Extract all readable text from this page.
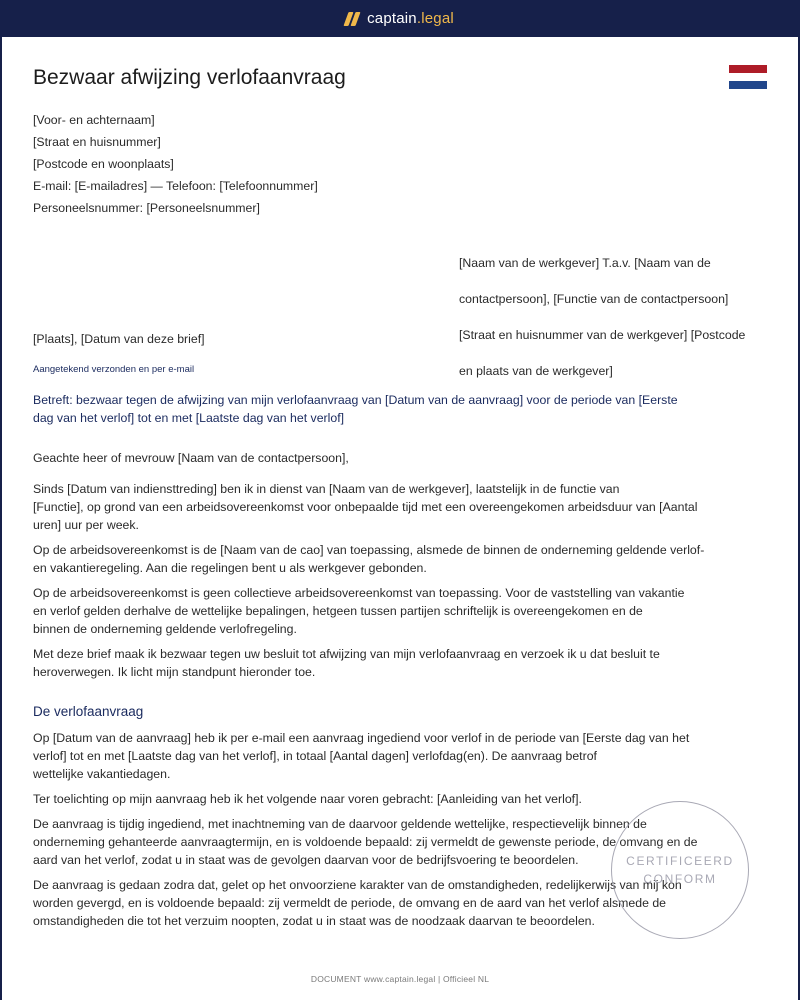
captain.legal
Bezwaar afwijzing verlofaanvraag
[Voor- en achternaam]
[Straat en huisnummer]
[Postcode en woonplaats]
E-mail: [E-mailadres] — Telefoon: [Telefoonnummer]
Personeelsnummer: [Personeelsnummer]

[Naam van de werkgever] T.a.v. [Naam van de

contactpersoon], [Functie van de contactpersoon]

[Straat en huisnummer van de werkgever] [Postcode

en plaats van de werkgever]

[Plaats], [Datum van deze brief]
Aangetekend verzonden en per e-mail
Betreft: bezwaar tegen de afwijzing van mijn verlofaanvraag van [Datum van de aanvraag] voor de periode van [Eerste
dag van het verlof] tot en met [Laatste dag van het verlof]
Geachte heer of mevrouw [Naam van de contactpersoon],
Sinds [Datum van indiensttreding] ben ik in dienst van [Naam van de werkgever], laatstelijk in de functie van
[Functie], op grond van een arbeidsovereenkomst voor onbepaalde tijd met een overeengekomen arbeidsduur van [Aantal
uren] uur per week.
Op de arbeidsovereenkomst is de [Naam van de cao] van toepassing, alsmede de binnen de onderneming geldende verlof-
en vakantieregeling. Aan die regelingen bent u als werkgever gebonden.
Op de arbeidsovereenkomst is geen collectieve arbeidsovereenkomst van toepassing. Voor de vaststelling van vakantie
en verlof gelden derhalve de wettelijke bepalingen, hetgeen tussen partijen schriftelijk is overeengekomen en de
binnen de onderneming geldende verlofregeling.
Met deze brief maak ik bezwaar tegen uw besluit tot afwijzing van mijn verlofaanvraag en verzoek ik u dat besluit te
heroverwegen. Ik licht mijn standpunt hieronder toe.
De verlofaanvraag
Op [Datum van de aanvraag] heb ik per e-mail een aanvraag ingediend voor verlof in de periode van [Eerste dag van het
verlof] tot en met [Laatste dag van het verlof], in totaal [Aantal dagen] verlofdag(en). De aanvraag betrof
wettelijke vakantiedagen.
Ter toelichting op mijn aanvraag heb ik het volgende naar voren gebracht: [Aanleiding van het verlof].
De aanvraag is tijdig ingediend, met inachtneming van de daarvoor geldende wettelijke, respectievelijk binnen de
onderneming gehanteerde aanvraagtermijn, en is voldoende bepaald: zij vermeldt de gewenste periode, de omvang en de
aard van het verlof, zodat u in staat was de gevolgen daarvan voor de bedrijfsvoering te beoordelen.
De aanvraag is gedaan zodra dat, gelet op het onvoorziene karakter van de omstandigheden, redelijkerwijs van mij kon
worden gevergd, en is voldoende bepaald: zij vermeldt de periode, de omvang en de aard van het verlof alsmede de
omstandigheden die tot het verzuim noopten, zodat u in staat was de noodzaak daarvan te beoordelen.
CERTIFICEERD
CONFORM
DOCUMENT www.captain.legal | Officieel NL
